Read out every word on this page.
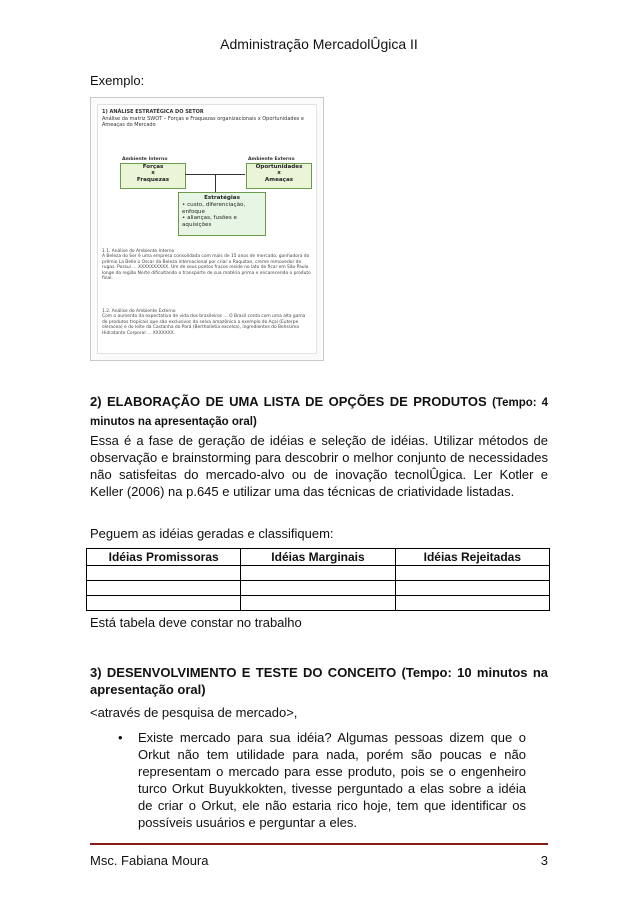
Administração MercadolÛgica II
Exemplo:
1) ANÁLISE ESTRATÉGICA DO SETOR
Análise da matriz SWOT – Forças e Fraquezas organizacionais x Oportunidades e Ameaças do Mercado
Ambiente Interno	Ambiente Externo
Forças
x
Fraquezas
Oportunidades
x
Ameaças
Estratégias
• custo, diferenciação,
enfoque
• alianças, fusões e aquisições
1.1. Análise do Ambiente Interno
A Beleza do Ser é uma empresa consolidada com mais de 15 anos de mercado, ganhadora do prêmio La Belle o Oscar da Beleza internacional por criar o Raquitan, creme removedor de rugas. Possui … XXXXXXXXXX. Um de seus pontos fracos reside no lato de ficar em São Paulo longe da região Norte dificultando o transporte de sua matéria prima e encarecendo o produto final.
1.2. Análise do Ambiente Externo
Com o aumento da expectativa de vida dos brasileiros … O Brasil conta com uma alta gama de produtos tropicais que são exclusivos da selva amazônica a exemplo do Açaí (Euterpe oleracea) e do leite da Castanha do Pará (Bertholletia excelsa), ingredientes do Belíssima Hidratante Corporal … XXXXXXX.
2) ELABORAÇÃO DE UMA LISTA DE OPÇÕES DE PRODUTOS (Tempo: 4 minutos na apresentação oral)
Essa é a fase de geração de idéias e seleção de idéias. Utilizar métodos de observação e brainstorming para descobrir o melhor conjunto de necessidades não satisfeitas do mercado-alvo ou de inovação tecnolÛgica. Ler Kotler e Keller (2006) na p.645 e utilizar uma das técnicas de criatividade listadas.
Peguem as idéias geradas e classifiquem:
Idéias Promissoras	Idéias Marginais	Idéias Rejeitadas

Está tabela deve constar no trabalho
3) DESENVOLVIMENTO E TESTE DO CONCEITO (Tempo: 10 minutos na apresentação oral)
<através de pesquisa de mercado>,
• Existe mercado para sua idéia? Algumas pessoas dizem que o Orkut não tem utilidade para nada, porém são poucas e não representam o mercado para esse produto, pois se o engenheiro turco Orkut Buyukkokten, tivesse perguntado a elas sobre a idéia de criar o Orkut, ele não estaria rico hoje, tem que identificar os possíveis usuários e perguntar a eles.
Msc. Fabiana Moura	3
